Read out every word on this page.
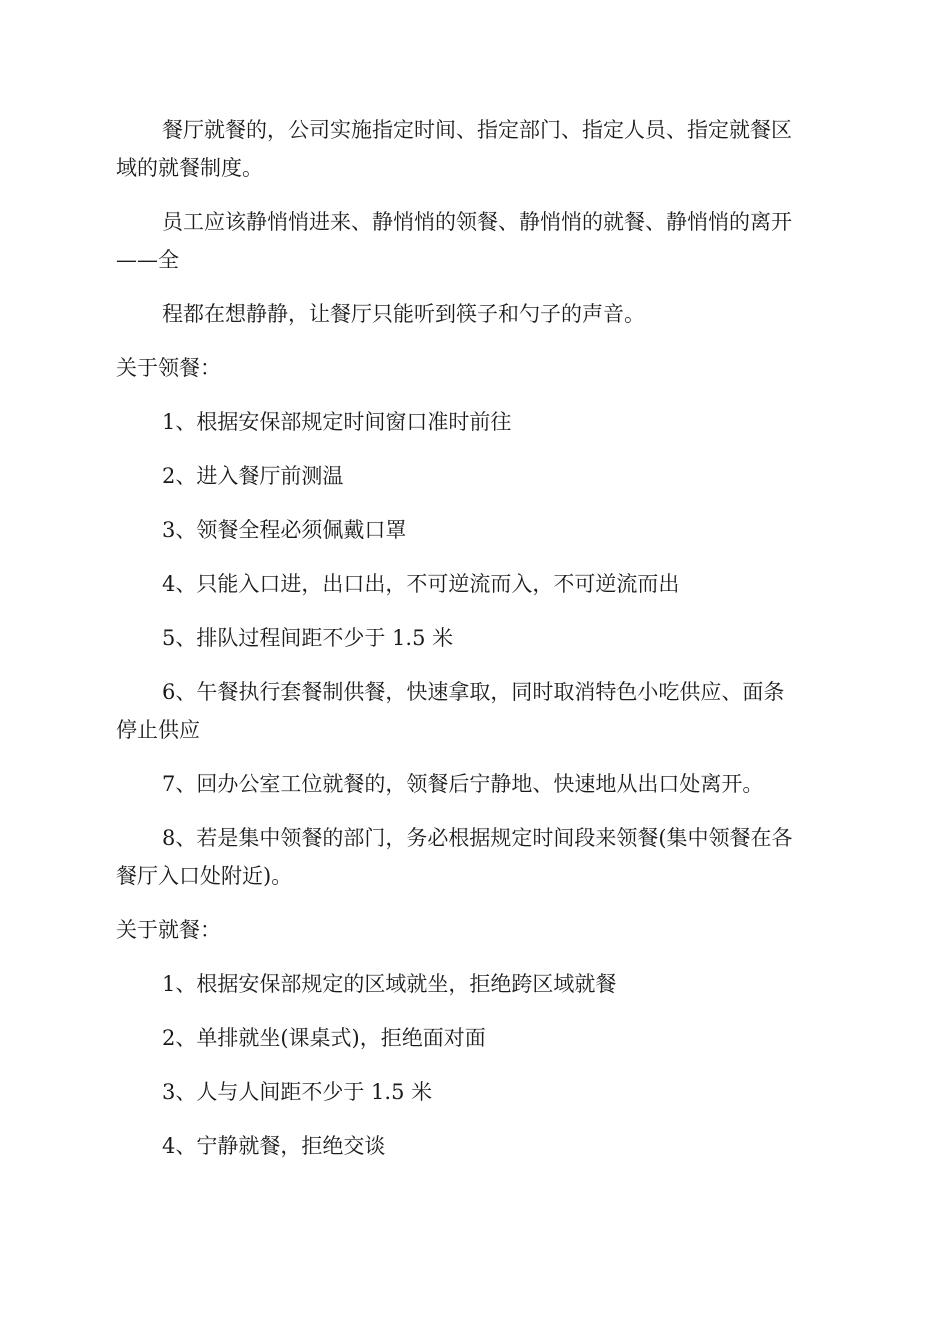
餐厅就餐的，公司实施指定时间、指定部门、指定人员、指定就餐区
域的就餐制度。
员工应该静悄悄进来、静悄悄的领餐、静悄悄的就餐、静悄悄的离开
——全
程都在想静静，让餐厅只能听到筷子和勺子的声音。
关于领餐：
1、根据安保部规定时间窗口准时前往
2、进入餐厅前测温
3、领餐全程必须佩戴口罩
4、只能入口进，出口出，不可逆流而入，不可逆流而出
5、排队过程间距不少于 1.5 米
6、午餐执行套餐制供餐，快速拿取，同时取消特色小吃供应、面条
停止供应
7、回办公室工位就餐的，领餐后宁静地、快速地从出口处离开。
8、若是集中领餐的部门，务必根据规定时间段来领餐(集中领餐在各
餐厅入口处附近)。
关于就餐：
1、根据安保部规定的区域就坐，拒绝跨区域就餐
2、单排就坐(课桌式)，拒绝面对面
3、人与人间距不少于 1.5 米
4、宁静就餐，拒绝交谈
